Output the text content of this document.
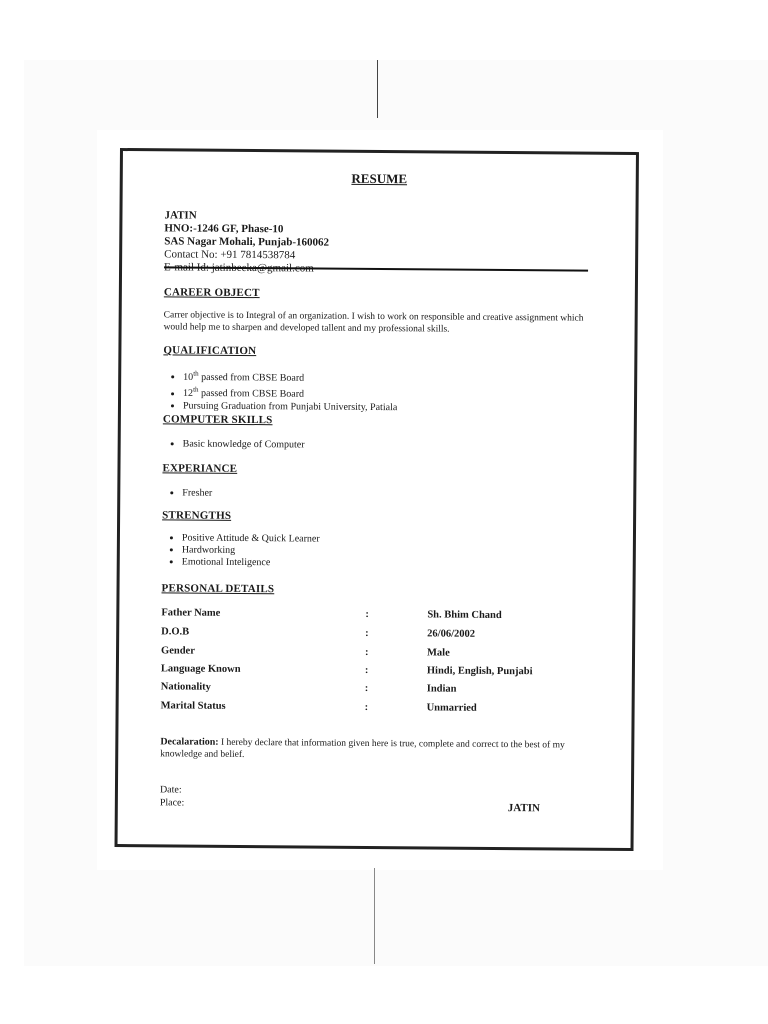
RESUME
JATIN
HNO:-1246 GF, Phase-10
SAS Nagar Mohali, Punjab-160062
Contact No: +91 7814538784
CAREER OBJECT
Carrer objective is to Integral of an organization. I wish to work on responsible and creative assignment which would help me to sharpen and developed tallent and my professional skills.
QUALIFICATION
• 10th passed from CBSE Board
• 12th passed from CBSE Board
• Pursuing Graduation from Punjabi University, Patiala
COMPUTER SKILLS
• Basic knowledge of Computer
EXPERIANCE
• Fresher
STRENGTHS
• Positive Attitude & Quick Learner
• Hardworking
• Emotional Inteligence
PERSONAL DETAILS
Father Name	:	Sh. Bhim Chand
D.O.B	:	26/06/2002
Gender	:	Male
Language Known	:	Hindi, English, Punjabi
Nationality	:	Indian
Marital Status	:	Unmarried
Decalaration: I hereby declare that information given here is true, complete and correct to the best of my knowledge and belief.
Date:
Place:	JATIN
